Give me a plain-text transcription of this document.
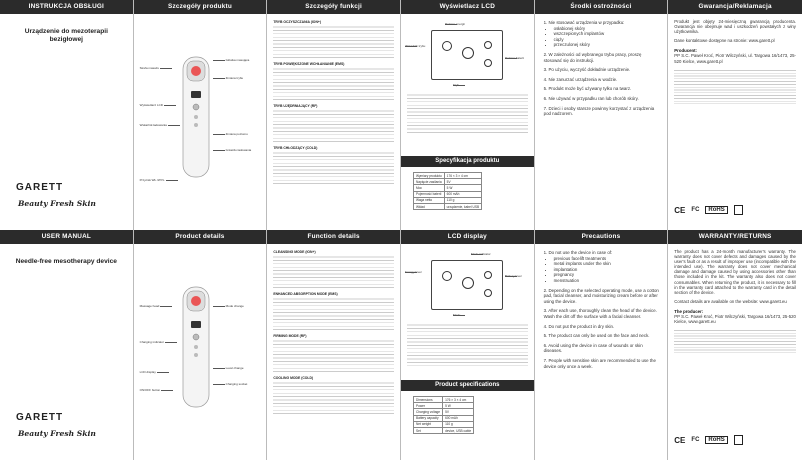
INSTRUKCJA OBSŁUGI
Urządzenie do mezoterapii bezigłowej
GARETT
Beauty Fresh Skin
Szczegóły produktu
Strefa masażu
Wyświetlacz LCD
Wskaźnik ładowania
Przycisk WŁ./WYŁ.
Główka masująca
Zmiana trybu
Zmiana poziomu
Gniazdo ładowania
Szczegóły funkcji
TRYB OCZYSZCZANIA (ION+)
TRYB POWIĘKSZONE WCHŁANIANIE (EMS)
TRYB UJĘDRNIAJĄCY (RF)
TRYB CHŁODZĄCY (COLD)
Wyświetlacz LCD
Poziom energii
Wskaźnik trybu
Poziom baterii
Tryb
Specyfikacja produktu
Wymiary produktu	176 × 3 × 4 cm
Napięcie zasilania	5V
Moc	5 W
Pojemność baterii	600 mAh
Waga netto	110 g
Wkład	urządzenie, kabel USB
Środki ostrożności
1. Nie stosować urządzenia w przypadku:
• osłabionej skóry
• wszczepionych implantów
• ciąży
• przeczulonej skóry
2. W zależności od wybranego trybu pracy, proszę stosować się do instrukcji.
3. Po użyciu, wyczyść dokładnie urządzenie.
4. Nie zanurzać urządzenia w wodzie.
5. Produkt może być używany tylko na twarz.
6. Nie używać w przypadku ran lub chorób skóry.
7. Dzieci i osoby starsze powinny korzystać z urządzenia pod nadzorem.
Gwarancja/Reklamacja
Produkt jest objęty 24-miesięczną gwarancją producenta. Gwarancja nie obejmuje wad i uszkodzeń powstałych z winy użytkownika.
Dane kontaktowe dostępne na stronie: www.garett.pl
Producent:
PP S.C. Paweł Kroć, Piotr Wilczyński, ul. Targowa 16/1473, 25-520 Kielce, www.garett.pl
CE FC	RoHS
USER MANUAL
Needle-free mesotherapy device
GARETT
Beauty Fresh Skin
Product details
Massage head
Charging indicator
LCD display
ON/OFF button
Mode change
Level change
Charging socket
Function details
CLEANSING MODE (ION+)
ENHANCED ABSORPTION MODE (EMS)
FIRMING MODE (RF)
COOLING MODE (COLD)
LCD display
Energy level
Mode indicator
Battery level
Mode
Product specifications
Dimensions	176 × 3 × 4 cm
Power	5 W
Charging voltage	5V
Battery capacity	600 mAh
Net weight	110 g
Set	device, USB cable
Precautions
1. Do not use the device in case of:
• previous facelift treatments
• metal implants under the skin
• implantation
• pregnancy
• menstruation
2. Depending on the selected operating mode, use a cotton pad, facial cleanser, and moisturizing cream before or after using the device.
3. After each use, thoroughly clean the head of the device. Wash the dirt off the surface with a facial cleanser.
4. Do not put the product in dry skin.
5. The product can only be used on the face and neck.
6. Avoid using the device in case of wounds or skin diseases.
7. People with sensitive skin are recommended to use the device only once a week.
WARRANTY/RETURNS
The product has a 24-month manufacturer's warranty. The warranty does not cover defects and damages caused by the user's fault or as a result of improper use (incompatible with the intended use). The warranty does not cover mechanical damage and damage caused by using accessories other than those included in the kit. The warranty also does not cover consumables. When returning the product, it is necessary to fill in the warranty card attached to the warranty card in the detail section of the device.
Contact details are available on the website: www.garett.eu
The producer:
PP S.C. Paweł Kroć, Piotr Wilczyński, Targowa 16/1473, 25-520 Kielce, www.garett.eu
CE FC	RoHS
